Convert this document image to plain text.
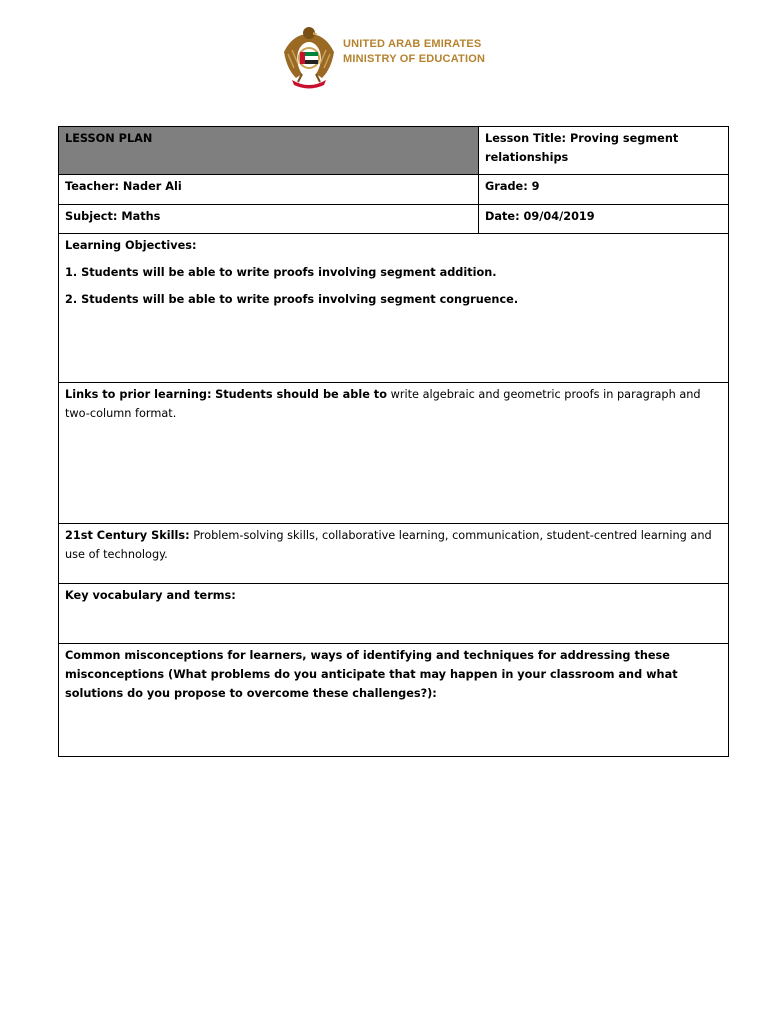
UNITED ARAB EMIRATES
MINISTRY OF EDUCATION
LESSON PLAN	Lesson Title: Proving segment relationships
Teacher: Nader Ali	Grade: 9
Subject: Maths	Date: 09/04/2019

Learning Objectives:

1. Students will be able to write proofs involving segment addition.

2. Students will be able to write proofs involving segment congruence.	

Links to prior learning: Students should be able to write algebraic and geometric proofs in paragraph and two-column format.	
21st Century Skills: Problem-solving skills, collaborative learning, communication, student-centred learning and use of technology.	
Key vocabulary and terms:	
Common misconceptions for learners, ways of identifying and techniques for addressing these misconceptions (What problems do you anticipate that may happen in your classroom and what solutions do you propose to overcome these challenges?):	
